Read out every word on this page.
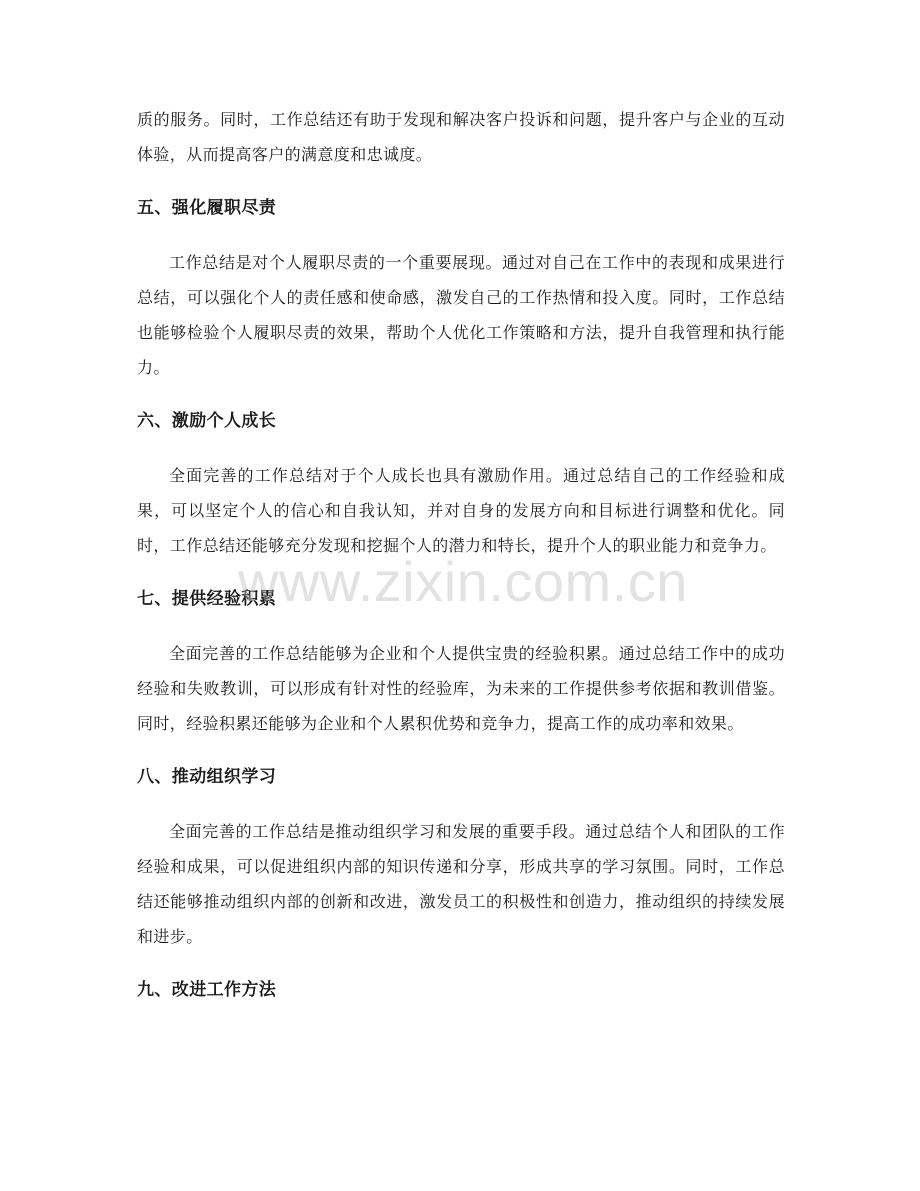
质的服务。同时，工作总结还有助于发现和解决客户投诉和问题，提升客户与企业的互动体验，从而提高客户的满意度和忠诚度。

五、强化履职尽责

工作总结是对个人履职尽责的一个重要展现。通过对自己在工作中的表现和成果进行总结，可以强化个人的责任感和使命感，激发自己的工作热情和投入度。同时，工作总结也能够检验个人履职尽责的效果，帮助个人优化工作策略和方法，提升自我管理和执行能力。

六、激励个人成长

全面完善的工作总结对于个人成长也具有激励作用。通过总结自己的工作经验和成果，可以坚定个人的信心和自我认知，并对自身的发展方向和目标进行调整和优化。同时，工作总结还能够充分发现和挖掘个人的潜力和特长，提升个人的职业能力和竞争力。

七、提供经验积累

全面完善的工作总结能够为企业和个人提供宝贵的经验积累。通过总结工作中的成功经验和失败教训，可以形成有针对性的经验库，为未来的工作提供参考依据和教训借鉴。同时，经验积累还能够为企业和个人累积优势和竞争力，提高工作的成功率和效果。

八、推动组织学习

全面完善的工作总结是推动组织学习和发展的重要手段。通过总结个人和团队的工作经验和成果，可以促进组织内部的知识传递和分享，形成共享的学习氛围。同时，工作总结还能够推动组织内部的创新和改进，激发员工的积极性和创造力，推动组织的持续发展和进步。

九、改进工作方法
www.zixin.com.cn
